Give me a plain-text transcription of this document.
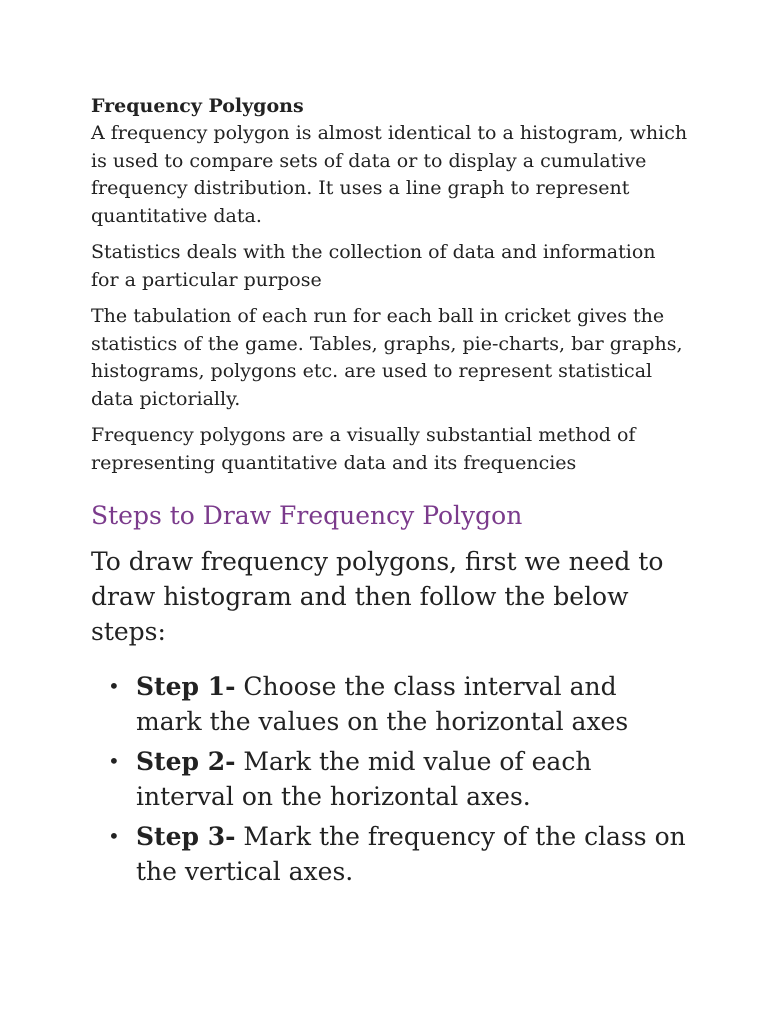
Frequency Polygons

A frequency polygon is almost identical to a histogram, which is used to compare sets of data or to display a cumulative frequency distribution. It uses a line graph to represent quantitative data.

Statistics deals with the collection of data and information for a particular purpose

The tabulation of each run for each ball in cricket gives the statistics of the game. Tables, graphs, pie-charts, bar graphs, histograms, polygons etc. are used to represent statistical data pictorially.

Frequency polygons are a visually substantial method of representing quantitative data and its frequencies

Steps to Draw Frequency Polygon

To draw frequency polygons, first we need to draw histogram and then follow the below steps:

• Step 1- Choose the class interval and mark the values on the horizontal axes
• Step 2- Mark the mid value of each interval on the horizontal axes.
• Step 3- Mark the frequency of the class on the vertical axes.
